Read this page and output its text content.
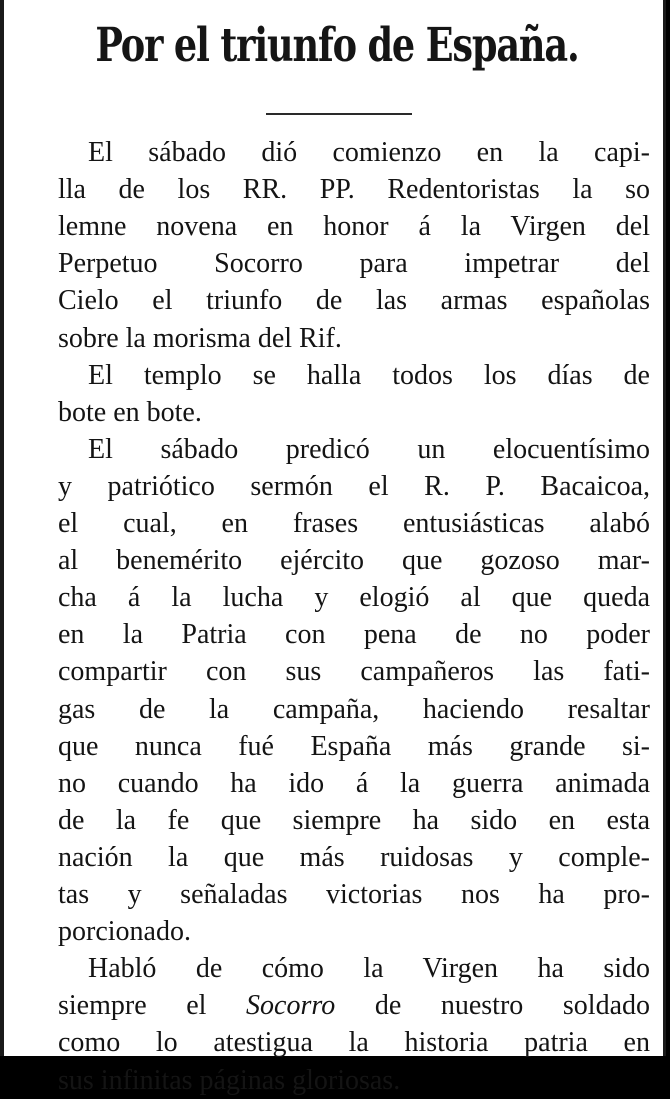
Por el triunfo de España.
El sábado dió comienzo en la capi-
lla de los RR. PP. Redentoristas la so
lemne novena en honor á la Virgen del
Perpetuo Socorro para impetrar del
Cielo el triunfo de las armas españolas
sobre la morisma del Rif.
El templo se halla todos los días de
bote en bote.
El sábado predicó un elocuentísimo
y patriótico sermón el R. P. Bacaicoa,
el cual, en frases entusiásticas alabó
al benemérito ejército que gozoso mar-
cha á la lucha y elogió al que queda
en la Patria con pena de no poder
compartir con sus campañeros las fati-
gas de la campaña, haciendo resaltar
que nunca fué España más grande si-
no cuando ha ido á la guerra animada
de la fe que siempre ha sido en esta
nación la que más ruidosas y comple-
tas y señaladas victorias nos ha pro-
porcionado.
Habló de cómo la Virgen ha sido
siempre el Socorro de nuestro soldado
como lo atestigua la historia patria en
sus infinitas páginas gloriosas.
